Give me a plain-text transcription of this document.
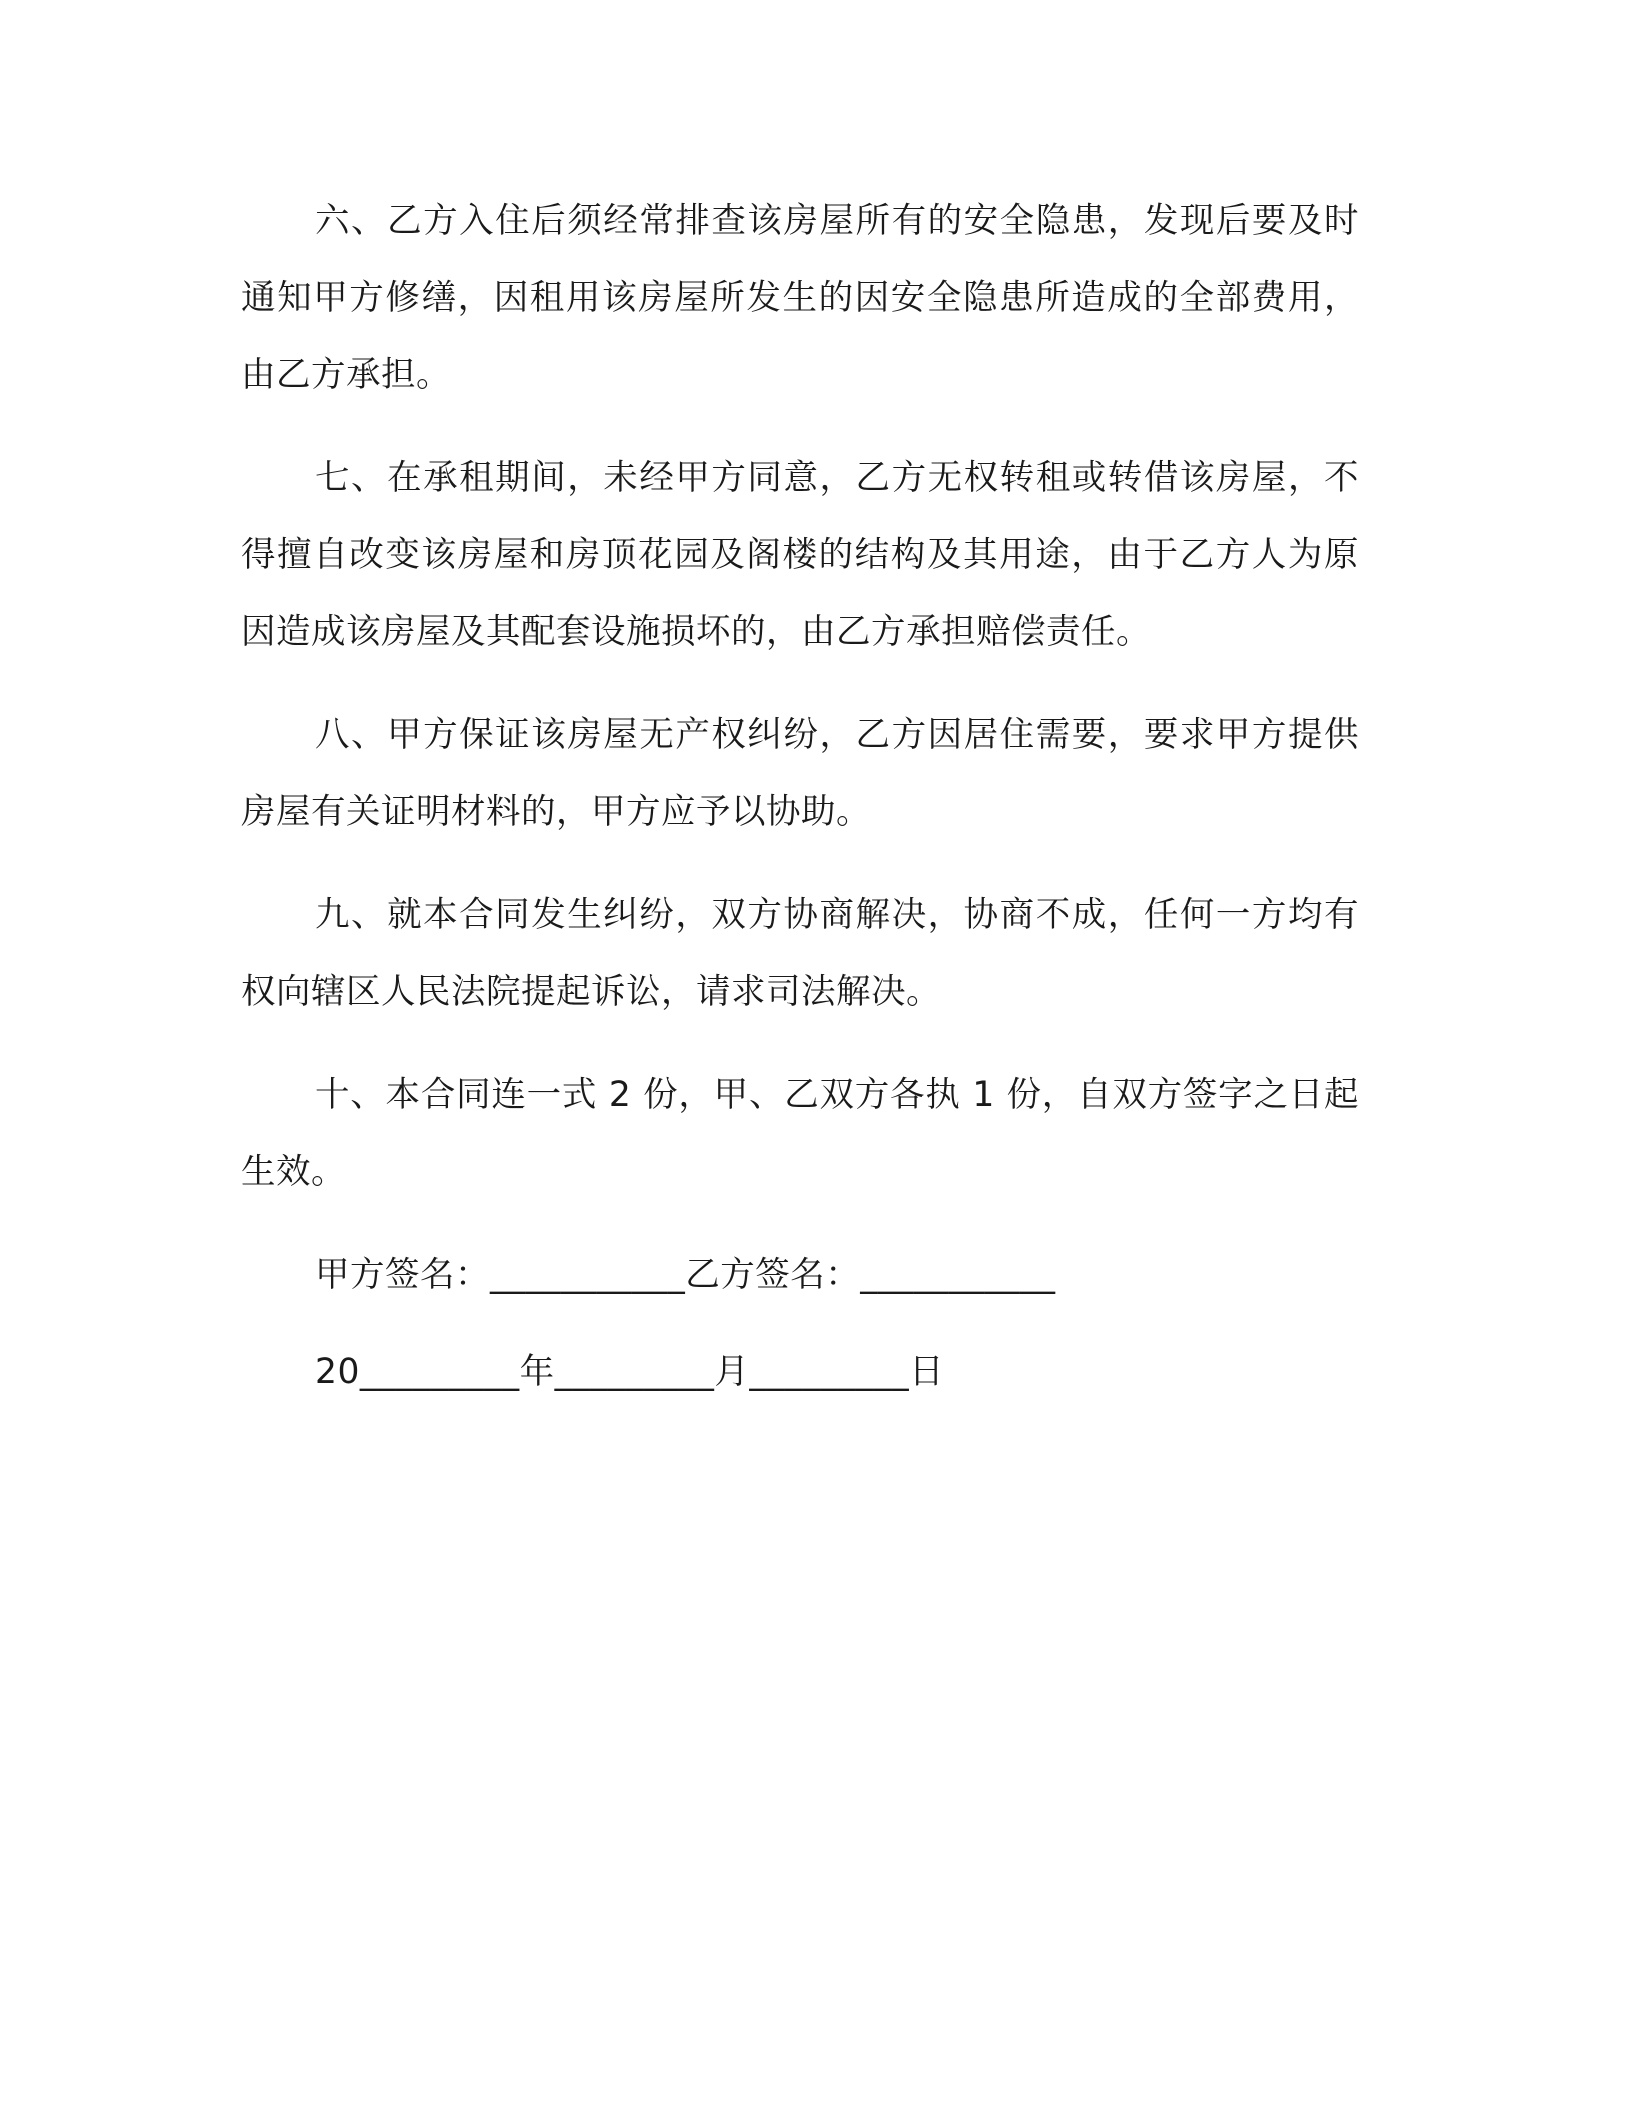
六、乙方入住后须经常排查该房屋所有的安全隐患，发现后要及时通知甲方修缮，因租用该房屋所发生的因安全隐患所造成的全部费用，由乙方承担。

七、在承租期间，未经甲方同意，乙方无权转租或转借该房屋，不得擅自改变该房屋和房顶花园及阁楼的结构及其用途，由于乙方人为原因造成该房屋及其配套设施损坏的，由乙方承担赔偿责任。

八、甲方保证该房屋无产权纠纷，乙方因居住需要，要求甲方提供房屋有关证明材料的，甲方应予以协助。

九、就本合同发生纠纷，双方协商解决，协商不成，任何一方均有权向辖区人民法院提起诉讼，请求司法解决。

十、本合同连一式 2 份，甲、乙双方各执 1 份，自双方签字之日起生效。

甲方签名：___________乙方签名：___________

20_________年_________月_________日
